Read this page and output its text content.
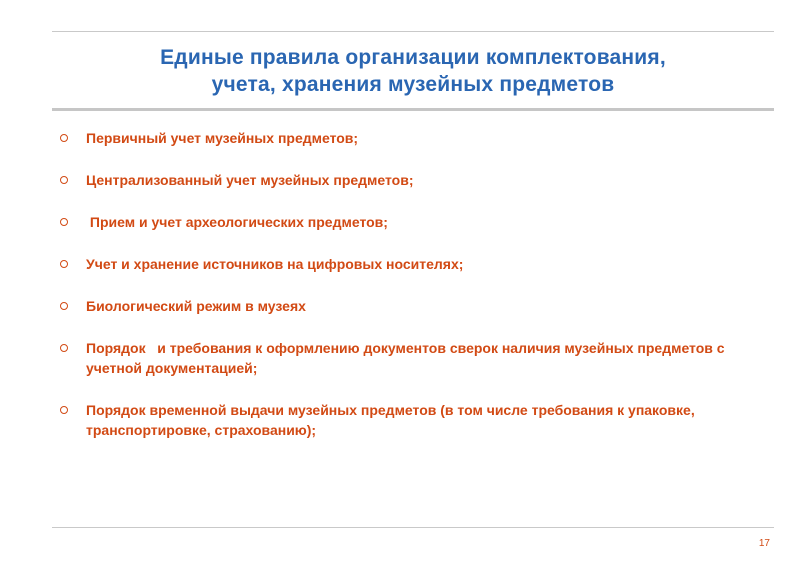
Единые правила организации комплектования,
учета, хранения музейных предметов
Первичный учет музейных предметов;
Централизованный учет музейных предметов;
Прием и учет археологических предметов;
Учет и хранение источников на цифровых носителях;
Биологический режим в музеях
Порядок   и требования к оформлению документов сверок наличия музейных предметов с учетной документацией;
Порядок временной выдачи музейных предметов (в том числе требования к упаковке, транспортировке, страхованию);
17
